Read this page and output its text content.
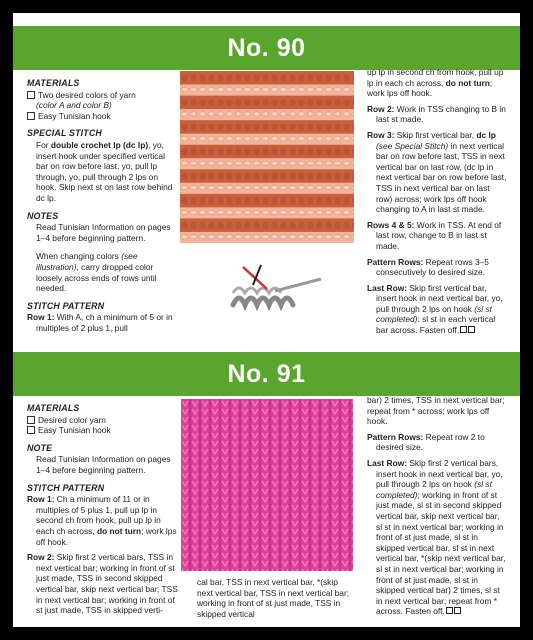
No. 90
MATERIALS
Two desired colors of yarn
(color A and color B)
Easy Tunisian hook
SPECIAL STITCH

For double crochet lp (dc lp), yo, insert hook under specified vertical bar on row before last, yo, pull lp through, yo, pull through 2 lps on hook. Skip next st on last row behind dc lp.

NOTES

Read Tunisian Information on pages 1–4 before beginning pattern.

When changing colors (see illustration), carry dropped color loosely across ends of rows until needed.

STITCH PATTERN

Row 1: With A, ch a minimum of 5 or in multiples of 2 plus 1, pull

up lp in second ch from hook, pull up lp in each ch across, do not turn; work lps off hook.

Row 2: Work in TSS changing to B in last st made.

Row 3: Skip first vertical bar, dc lp (see Special Stitch) in next vertical bar on row before last, TSS in next vertical bar on last row, (dc lp in next vertical bar on row before last, TSS in next vertical bar on last row) across; work lps off hook changing to A in last st made.

Rows 4 & 5: Work in TSS. At end of last row, change to B in last st made.

Pattern Rows: Repeat rows 3–5 consecutively to desired size.

Last Row: Skip first vertical bar, insert hook in next vertical bar, yo, pull through 2 lps on hook (sl st completed): sl st in each vertical bar across. Fasten off.

No. 91
MATERIALS
Desired color yarn
Easy Tunisian hook
NOTE

Read Tunisian Information on pages 1–4 before beginning pattern.

STITCH PATTERN

Row 1: Ch a minimum of 11 or in multiples of 5 plus 1, pull up lp in second ch from hook, pull up lp in each ch across, do not turn; work lps off hook.

Row 2: Skip first 2 vertical bars, TSS in next vertical bar; working in front of st just made, TSS in second skipped vertical bar, skip next vertical bar, TSS in next vertical bar; working in front of st just made, TSS in skipped verti-

cal bar, TSS in next vertical bar, *(skip next vertical bar, TSS in next vertical bar; working in front of st just made, TSS in skipped vertical

bar) 2 times, TSS in next vertical bar; repeat from * across; work lps off hook.

Pattern Rows: Repeat row 2 to desired size.

Last Row: Skip first 2 vertical bars, insert hook in next vertical bar, yo, pull through 2 lps on hook (sl st completed); working in front of st just made, sl st in second skipped vertical bar, skip next vertical bar, sl st in next vertical bar; working in front of st just made, sl st in skipped vertical bar, sl st in next vertical bar, *(skip next vertical bar, sl st in next vertical bar; working in front of st just made, sl st in skipped vertical bar) 2 times, sl st in next vertical bar; repeat from * across. Fasten off.
